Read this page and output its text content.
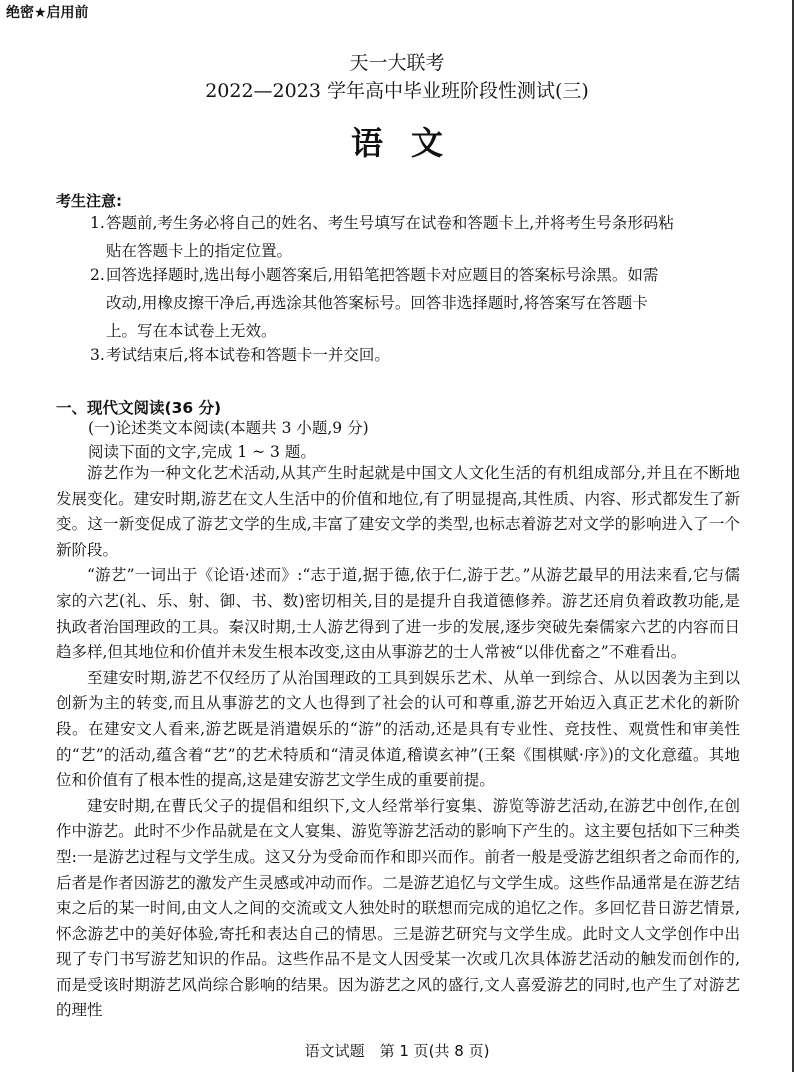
绝密★启用前
天一大联考
2022—2023 学年高中毕业班阶段性测试(三)
语文
考生注意:
1.答题前,考生务必将自己的姓名、考生号填写在试卷和答题卡上,并将考生号条形码粘
贴在答题卡上的指定位置。
2.回答选择题时,选出每小题答案后,用铅笔把答题卡对应题目的答案标号涂黑。如需
改动,用橡皮擦干净后,再选涂其他答案标号。回答非选择题时,将答案写在答题卡
上。写在本试卷上无效。
3.考试结束后,将本试卷和答题卡一并交回。
一、现代文阅读(36 分)
(一)论述类文本阅读(本题共 3 小题,9 分)
阅读下面的文字,完成 1 ~ 3 题。

游艺作为一种文化艺术活动,从其产生时起就是中国文人文化生活的有机组成部分,并且在不断地发展变化。建安时期,游艺在文人生活中的价值和地位,有了明显提高,其性质、内容、形式都发生了新变。这一新变促成了游艺文学的生成,丰富了建安文学的类型,也标志着游艺对文学的影响进入了一个新阶段。

“游艺”一词出于《论语·述而》:“志于道,据于德,依于仁,游于艺。”从游艺最早的用法来看,它与儒家的六艺(礼、乐、射、御、书、数)密切相关,目的是提升自我道德修养。游艺还肩负着政教功能,是执政者治国理政的工具。秦汉时期,士人游艺得到了进一步的发展,逐步突破先秦儒家六艺的内容而日趋多样,但其地位和价值并未发生根本改变,这由从事游艺的士人常被“以俳优畜之”不难看出。

至建安时期,游艺不仅经历了从治国理政的工具到娱乐艺术、从单一到综合、从以因袭为主到以创新为主的转变,而且从事游艺的文人也得到了社会的认可和尊重,游艺开始迈入真正艺术化的新阶段。在建安文人看来,游艺既是消遣娱乐的“游”的活动,还是具有专业性、竞技性、观赏性和审美性的“艺”的活动,蕴含着“艺”的艺术特质和“清灵体道,稽谟玄神”(王粲《围棋赋·序》)的文化意蕴。其地位和价值有了根本性的提高,这是建安游艺文学生成的重要前提。

建安时期,在曹氏父子的提倡和组织下,文人经常举行宴集、游览等游艺活动,在游艺中创作,在创作中游艺。此时不少作品就是在文人宴集、游览等游艺活动的影响下产生的。这主要包括如下三种类型:一是游艺过程与文学生成。这又分为受命而作和即兴而作。前者一般是受游艺组织者之命而作的,后者是作者因游艺的激发产生灵感或冲动而作。二是游艺追忆与文学生成。这些作品通常是在游艺结束之后的某一时间,由文人之间的交流或文人独处时的联想而完成的追忆之作。多回忆昔日游艺情景,怀念游艺中的美好体验,寄托和表达自己的情思。三是游艺研究与文学生成。此时文人文学创作中出现了专门书写游艺知识的作品。这些作品不是文人因受某一次或几次具体游艺活动的触发而创作的,而是受该时期游艺风尚综合影响的结果。因为游艺之风的盛行,文人喜爱游艺的同时,也产生了对游艺的理性

语文试题　第 1 页(共 8 页)
